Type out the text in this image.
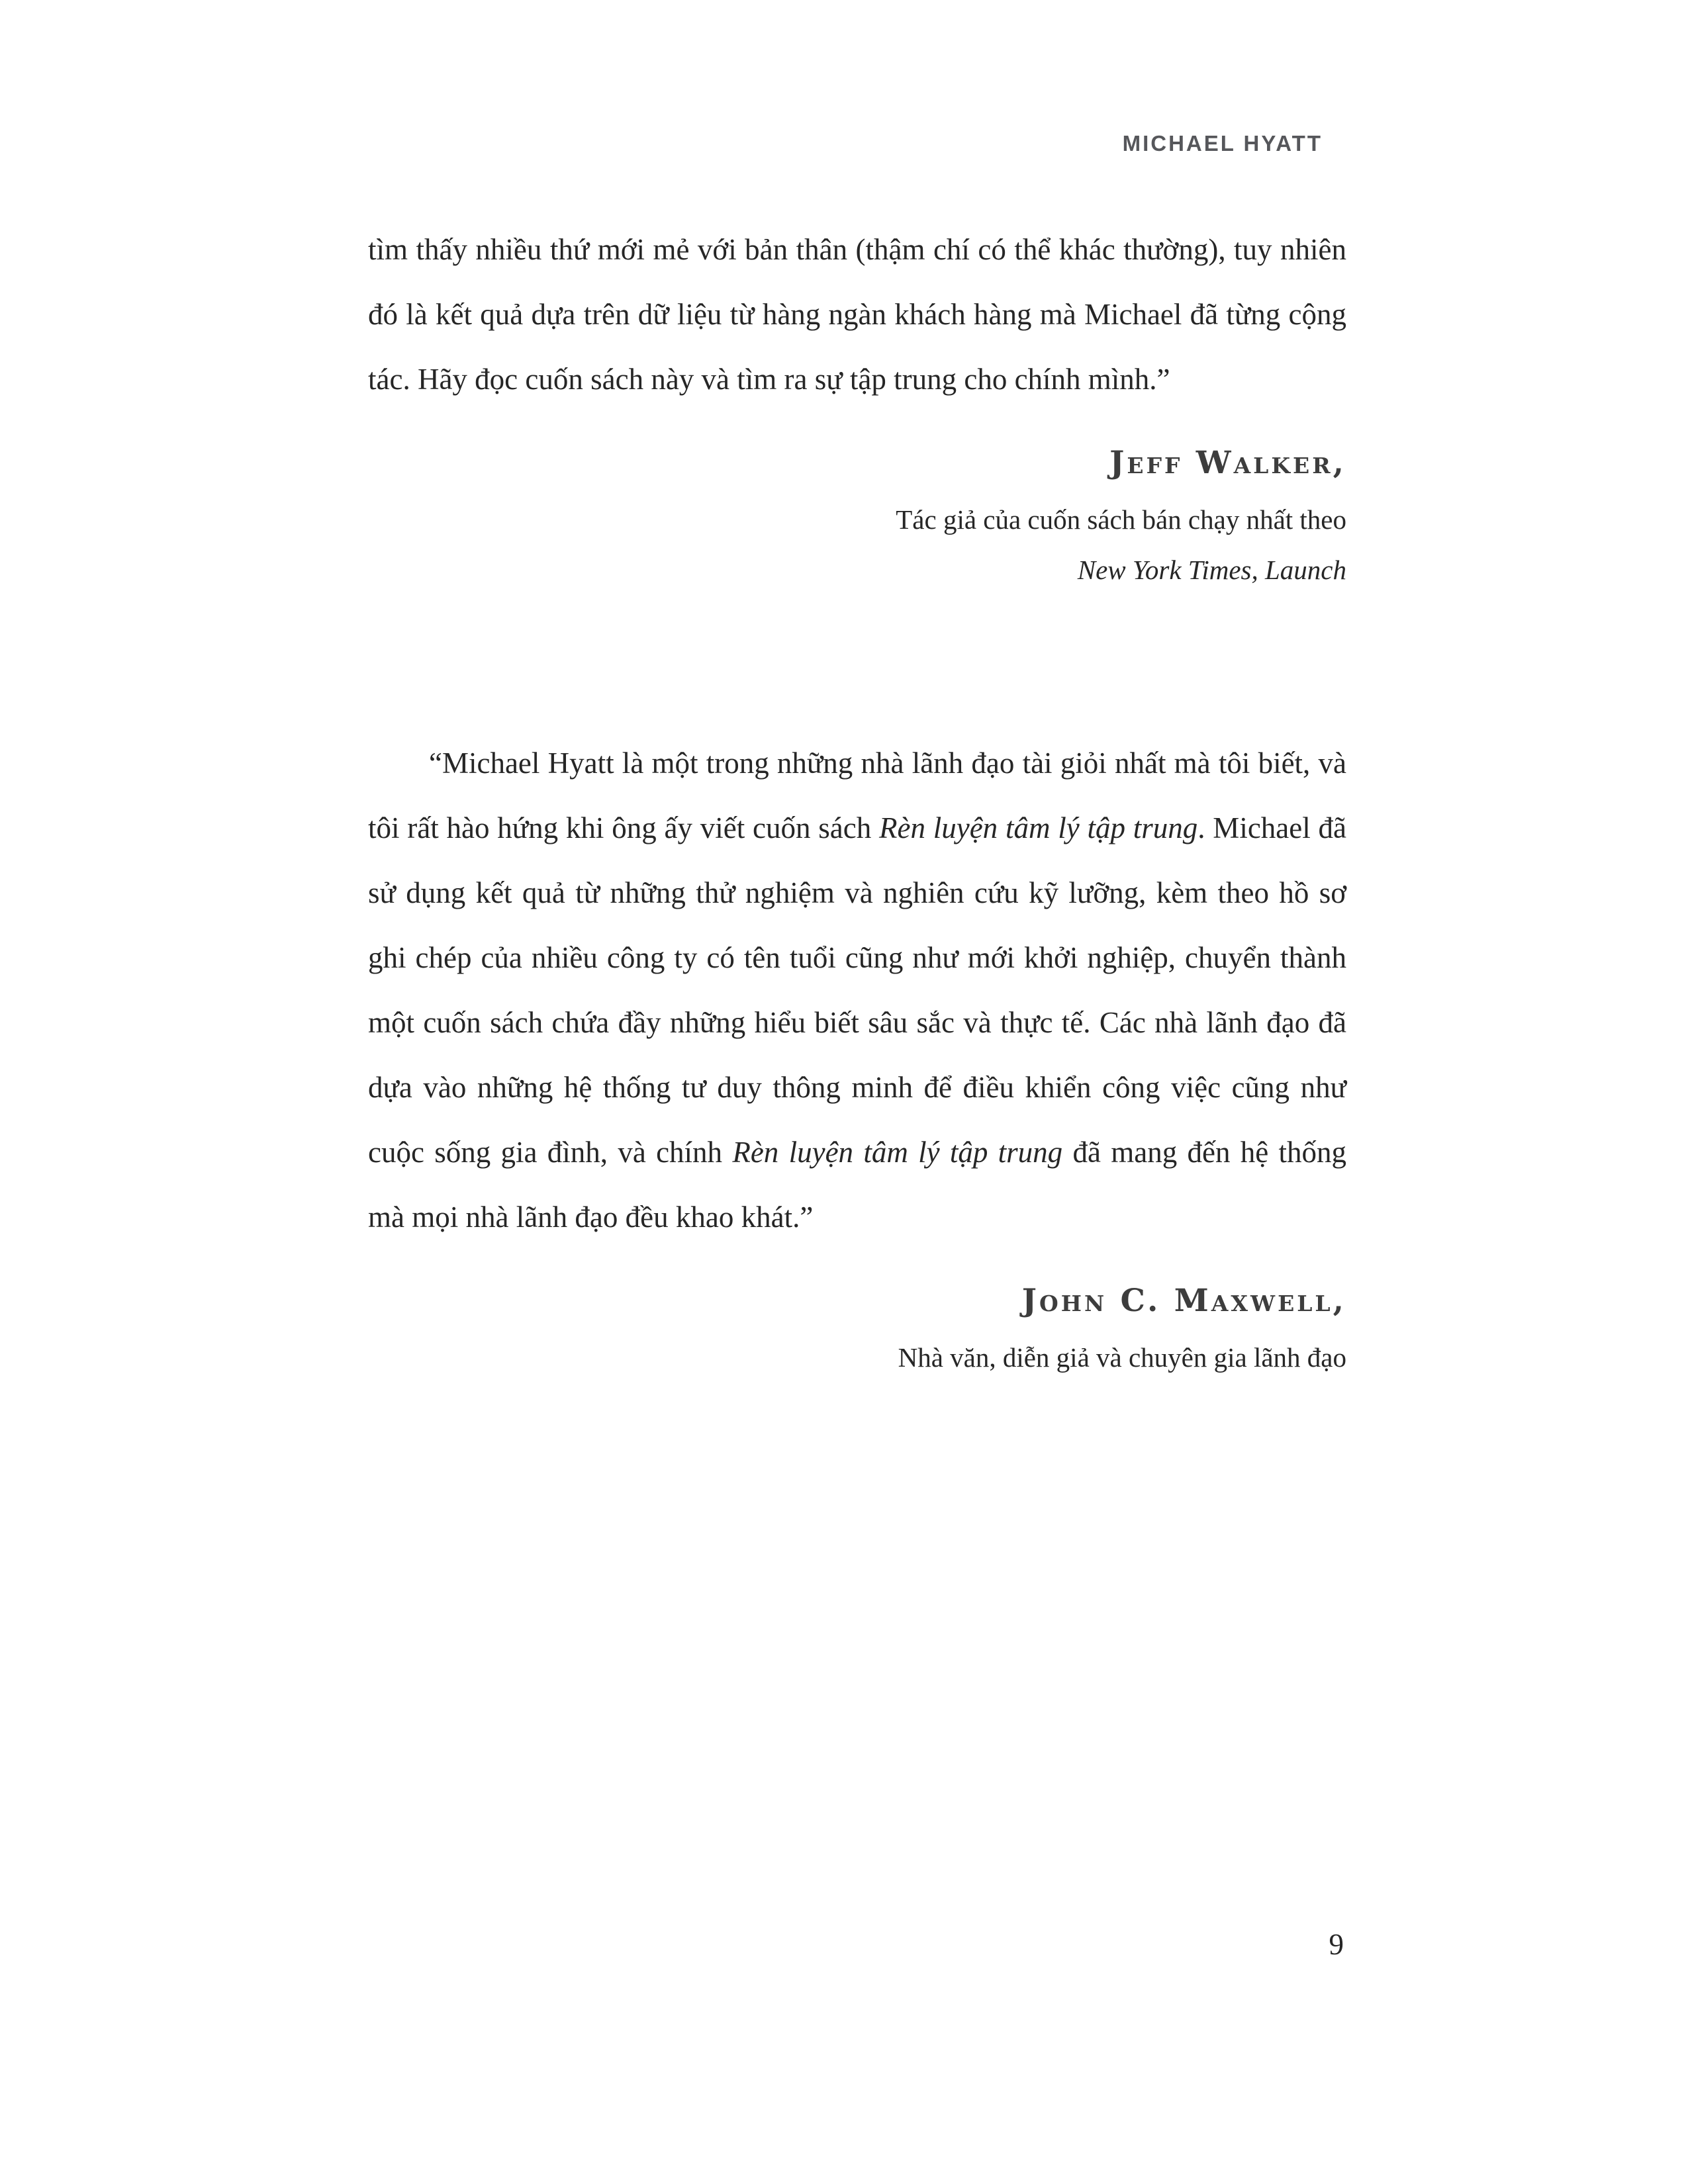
MICHAEL HYATT

tìm thấy nhiều thứ mới mẻ với bản thân (thậm chí có thể khác thường), tuy nhiên đó là kết quả dựa trên dữ liệu từ hàng ngàn khách hàng mà Michael đã từng cộng tác. Hãy đọc cuốn sách này và tìm ra sự tập trung cho chính mình.”

Jeff Walker,
Tác giả của cuốn sách bán chạy nhất theo
New York Times, Launch

“Michael Hyatt là một trong những nhà lãnh đạo tài giỏi nhất mà tôi biết, và tôi rất hào hứng khi ông ấy viết cuốn sách Rèn luyện tâm lý tập trung. Michael đã sử dụng kết quả từ những thử nghiệm và nghiên cứu kỹ lưỡng, kèm theo hồ sơ ghi chép của nhiều công ty có tên tuổi cũng như mới khởi nghiệp, chuyển thành một cuốn sách chứa đầy những hiểu biết sâu sắc và thực tế. Các nhà lãnh đạo đã dựa vào những hệ thống tư duy thông minh để điều khiển công việc cũng như cuộc sống gia đình, và chính Rèn luyện tâm lý tập trung đã mang đến hệ thống mà mọi nhà lãnh đạo đều khao khát.”

John C. Maxwell,
Nhà văn, diễn giả và chuyên gia lãnh đạo
9
